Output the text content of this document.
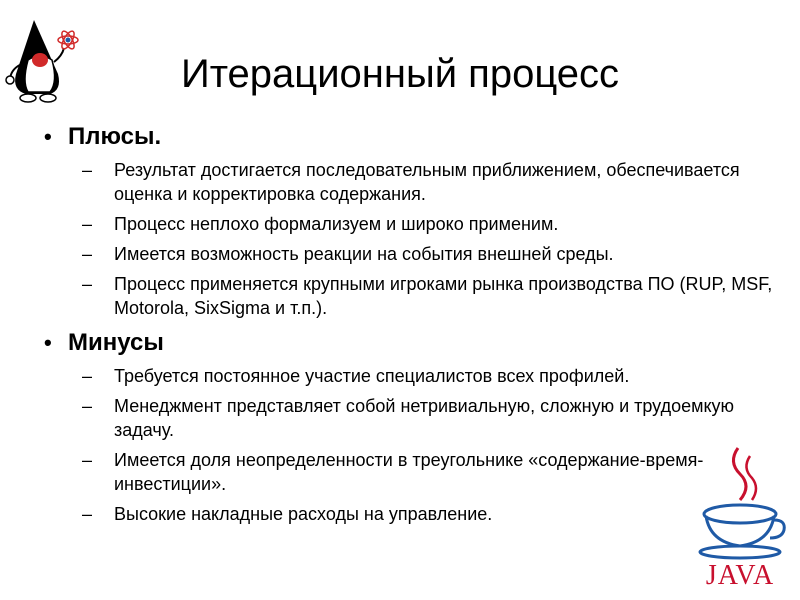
Итерационный процесс
• Плюсы.
–	Результат достигается последовательным приближением, обеспечивается оценка и корректировка содержания.
–	Процесс неплохо формализуем и широко применим.
–	Имеется возможность реакции на события внешней среды.
–	Процесс применяется крупными игроками рынка производства ПО (RUP, MSF, Motorola, SixSigma и т.п.).
• Минусы
–	Требуется постоянное участие специалистов всех профилей.
–	Менеджмент представляет собой нетривиальную, сложную и трудоемкую задачу.
–	Имеется доля неопределенности в треугольнике «содержание-время-инвестиции».
–	Высокие накладные расходы на управление.
JAVA
